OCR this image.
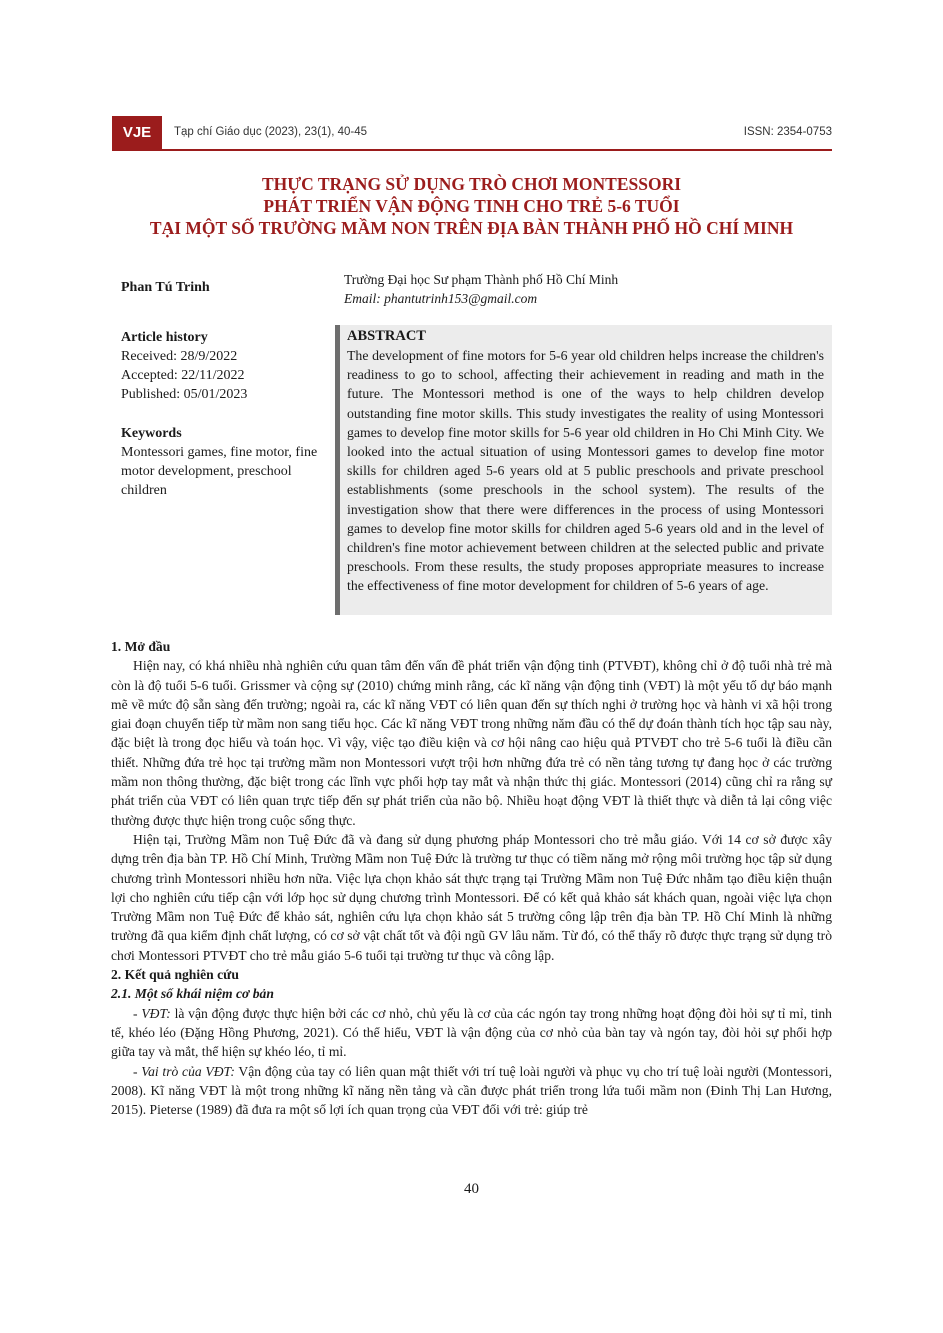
VJE	Tạp chí Giáo dục (2023), 23(1), 40-45	ISSN: 2354-0753
THỰC TRẠNG SỬ DỤNG TRÒ CHƠI MONTESSORI
PHÁT TRIỂN VẬN ĐỘNG TINH CHO TRẺ 5-6 TUỔI
TẠI MỘT SỐ TRƯỜNG MẦM NON TRÊN ĐỊA BÀN THÀNH PHỐ HỒ CHÍ MINH
Phan Tú Trinh
Trường Đại học Sư phạm Thành phố Hồ Chí Minh
Email: phantutrinh153@gmail.com
Article history
Received: 28/9/2022
Accepted: 22/11/2022
Published: 05/01/2023
Keywords
Montessori games, fine motor, fine motor development, preschool children
ABSTRACT
The development of fine motors for 5-6 year old children helps increase the children's readiness to go to school, affecting their achievement in reading and math in the future. The Montessori method is one of the ways to help children develop outstanding fine motor skills. This study investigates the reality of using Montessori games to develop fine motor skills for 5-6 year old children in Ho Chi Minh City. We looked into the actual situation of using Montessori games to develop fine motor skills for children aged 5-6 years old at 5 public preschools and private preschool establishments (some preschools in the school system). The results of the investigation show that there were differences in the process of using Montessori games to develop fine motor skills for children aged 5-6 years old and in the level of children's fine motor achievement between children at the selected public and private preschools. From these results, the study proposes appropriate measures to increase the effectiveness of fine motor development for children of 5-6 years of age.
1. Mở đầu

Hiện nay, có khá nhiều nhà nghiên cứu quan tâm đến vấn đề phát triển vận động tinh (PTVĐT), không chỉ ở độ tuổi nhà trẻ mà còn là độ tuổi 5-6 tuổi. Grissmer và cộng sự (2010) chứng minh rằng, các kĩ năng vận động tinh (VĐT) là một yếu tố dự báo mạnh mẽ về mức độ sẵn sàng đến trường; ngoài ra, các kĩ năng VĐT có liên quan đến sự thích nghi ở trường học và hành vi xã hội trong giai đoạn chuyển tiếp từ mầm non sang tiểu học. Các kĩ năng VĐT trong những năm đầu có thể dự đoán thành tích học tập sau này, đặc biệt là trong đọc hiểu và toán học. Vì vậy, việc tạo điều kiện và cơ hội nâng cao hiệu quả PTVĐT cho trẻ 5-6 tuổi là điều cần thiết. Những đứa trẻ học tại trường mầm non Montessori vượt trội hơn những đứa trẻ có nền tảng tương tự đang học ở các trường mầm non thông thường, đặc biệt trong các lĩnh vực phối hợp tay mắt và nhận thức thị giác. Montessori (2014) cũng chỉ ra rằng sự phát triển của VĐT có liên quan trực tiếp đến sự phát triển của não bộ. Nhiều hoạt động VĐT là thiết thực và diễn tả lại công việc thường được thực hiện trong cuộc sống thực.

Hiện tại, Trường Mầm non Tuệ Đức đã và đang sử dụng phương pháp Montessori cho trẻ mẫu giáo. Với 14 cơ sở được xây dựng trên địa bàn TP. Hồ Chí Minh, Trường Mầm non Tuệ Đức là trường tư thục có tiềm năng mở rộng môi trường học tập sử dụng chương trình Montessori nhiều hơn nữa. Việc lựa chọn khảo sát thực trạng tại Trường Mầm non Tuệ Đức nhằm tạo điều kiện thuận lợi cho nghiên cứu tiếp cận với lớp học sử dụng chương trình Montessori. Để có kết quả khảo sát khách quan, ngoài việc lựa chọn Trường Mầm non Tuệ Đức để khảo sát, nghiên cứu lựa chọn khảo sát 5 trường công lập trên địa bàn TP. Hồ Chí Minh là những trường đã qua kiểm định chất lượng, có cơ sở vật chất tốt và đội ngũ GV lâu năm. Từ đó, có thể thấy rõ được thực trạng sử dụng trò chơi Montessori PTVĐT cho trẻ mẫu giáo 5-6 tuổi tại trường tư thục và công lập.

2. Kết quả nghiên cứu
2.1. Một số khái niệm cơ bản

- VĐT: là vận động được thực hiện bởi các cơ nhỏ, chủ yếu là cơ của các ngón tay trong những hoạt động đòi hỏi sự tỉ mỉ, tinh tế, khéo léo (Đặng Hồng Phương, 2021). Có thể hiểu, VĐT là vận động của cơ nhỏ của bàn tay và ngón tay, đòi hỏi sự phối hợp giữa tay và mắt, thể hiện sự khéo léo, tỉ mỉ.

- Vai trò của VĐT: Vận động của tay có liên quan mật thiết với trí tuệ loài người và phục vụ cho trí tuệ loài người (Montessori, 2008). Kĩ năng VĐT là một trong những kĩ năng nền tảng và cần được phát triển trong lứa tuổi mầm non (Đinh Thị Lan Hương, 2015). Pieterse (1989) đã đưa ra một số lợi ích quan trọng của VĐT đối với trẻ: giúp trẻ

40
